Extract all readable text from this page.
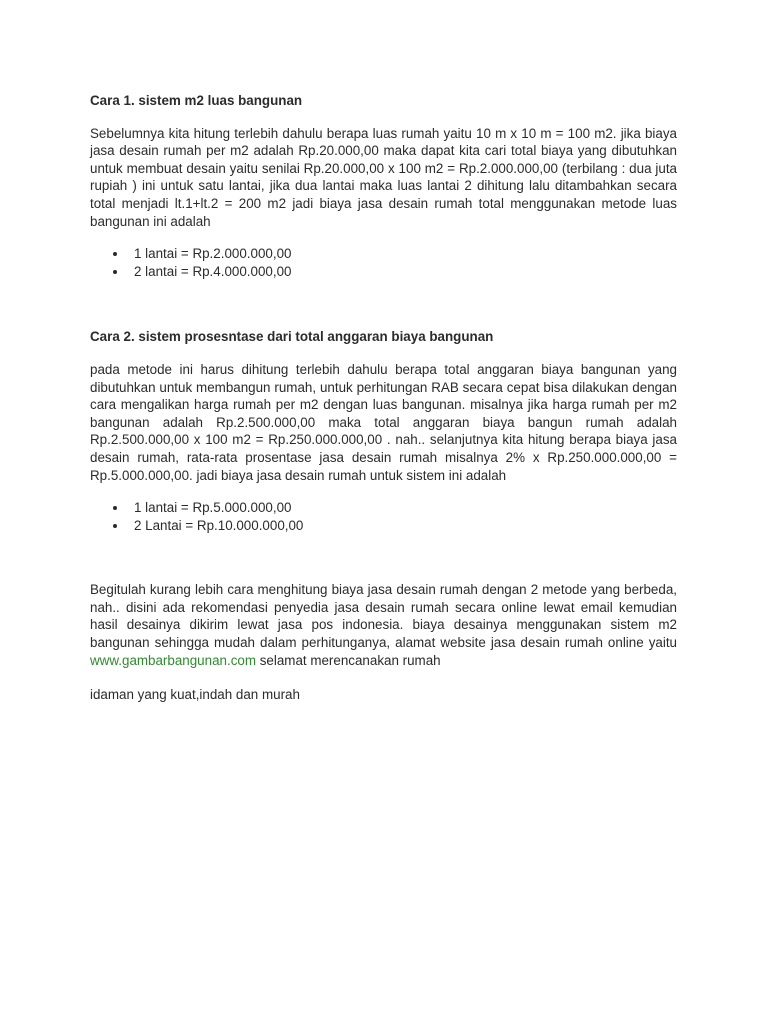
Cara 1. sistem m2 luas bangunan

Sebelumnya kita hitung terlebih dahulu berapa luas rumah yaitu 10 m x 10 m = 100 m2. jika biaya jasa desain rumah per m2 adalah Rp.20.000,00 maka dapat kita cari total biaya yang dibutuhkan untuk membuat desain yaitu senilai Rp.20.000,00 x 100 m2 = Rp.2.000.000,00 (terbilang : dua juta rupiah ) ini untuk satu lantai, jika dua lantai maka luas lantai 2 dihitung lalu ditambahkan secara total menjadi lt.1+lt.2 = 200 m2 jadi biaya jasa desain rumah total menggunakan metode luas bangunan ini adalah

1 lantai = Rp.2.000.000,00
2 lantai = Rp.4.000.000,00

Cara 2. sistem prosesntase dari total anggaran biaya bangunan

pada metode ini harus dihitung terlebih dahulu berapa total anggaran biaya bangunan yang dibutuhkan untuk membangun rumah, untuk perhitungan RAB secara cepat bisa dilakukan dengan cara mengalikan harga rumah per m2 dengan luas bangunan. misalnya jika harga rumah per m2 bangunan adalah Rp.2.500.000,00 maka total anggaran biaya bangun rumah adalah Rp.2.500.000,00 x 100 m2 = Rp.250.000.000,00 . nah.. selanjutnya kita hitung berapa biaya jasa desain rumah, rata-rata prosentase jasa desain rumah misalnya 2% x Rp.250.000.000,00 = Rp.5.000.000,00. jadi biaya jasa desain rumah untuk sistem ini adalah

1 lantai = Rp.5.000.000,00
2 Lantai = Rp.10.000.000,00

Begitulah kurang lebih cara menghitung biaya jasa desain rumah dengan 2 metode yang berbeda, nah.. disini ada rekomendasi penyedia jasa desain rumah secara online lewat email kemudian hasil desainya dikirim lewat jasa pos indonesia. biaya desainya menggunakan sistem m2 bangunan sehingga mudah dalam perhitunganya, alamat website jasa desain rumah online yaitu www.gambarbangunan.com selamat merencanakan rumah

idaman yang kuat,indah dan murah
